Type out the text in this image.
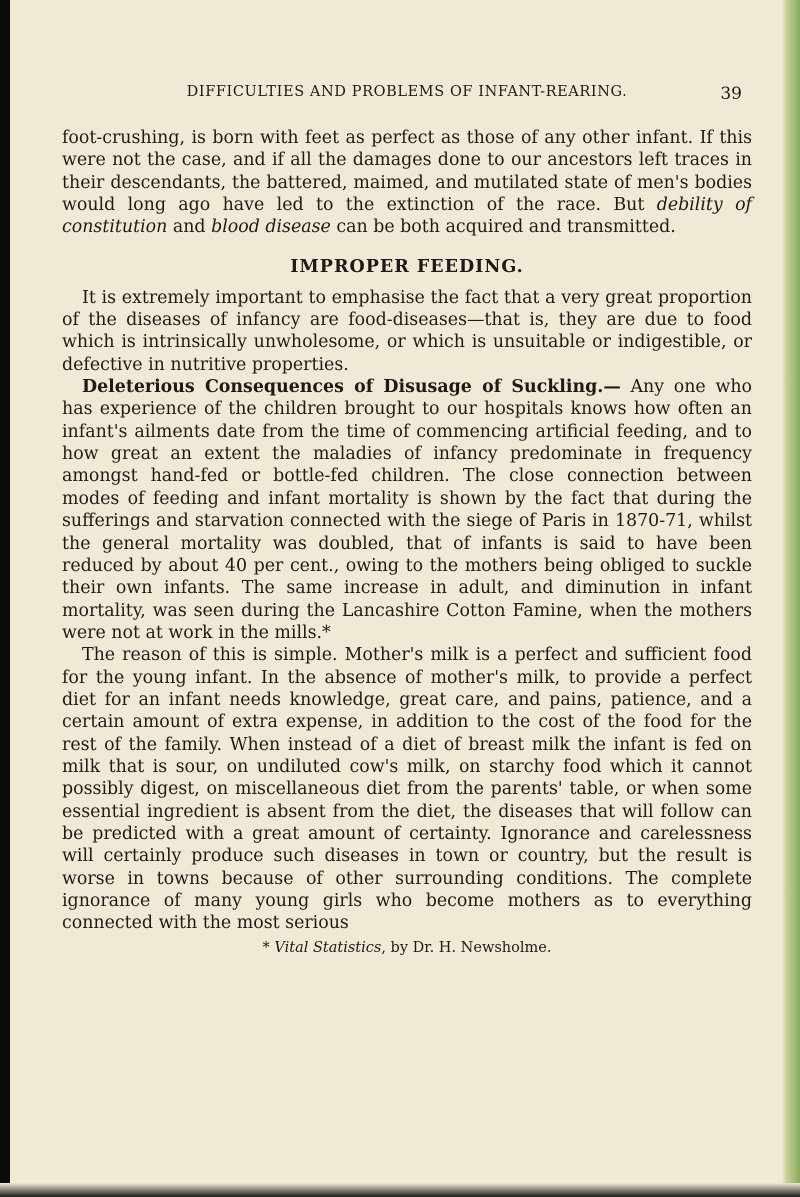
DIFFICULTIES AND PROBLEMS OF INFANT-REARING.	39

foot-crushing, is born with feet as perfect as those of any other infant. If this were not the case, and if all the damages done to our ancestors left traces in their descendants, the battered, maimed, and mutilated state of men's bodies would long ago have led to the extinction of the race. But debility of constitution and blood disease can be both acquired and transmitted.

IMPROPER FEEDING.

It is extremely important to emphasise the fact that a very great proportion of the diseases of infancy are food-diseases—that is, they are due to food which is intrinsically unwholesome, or which is unsuitable or indigestible, or defective in nutritive properties.

Deleterious Consequences of Disusage of Suckling.— Any one who has experience of the children brought to our hospitals knows how often an infant's ailments date from the time of commencing artificial feeding, and to how great an extent the maladies of infancy predominate in frequency amongst hand-fed or bottle-fed children. The close connection between modes of feeding and infant mortality is shown by the fact that during the sufferings and starvation connected with the siege of Paris in 1870-71, whilst the general mortality was doubled, that of infants is said to have been reduced by about 40 per cent., owing to the mothers being obliged to suckle their own infants. The same increase in adult, and diminution in infant mortality, was seen during the Lancashire Cotton Famine, when the mothers were not at work in the mills.*

The reason of this is simple. Mother's milk is a perfect and sufficient food for the young infant. In the absence of mother's milk, to provide a perfect diet for an infant needs knowledge, great care, and pains, patience, and a certain amount of extra expense, in addition to the cost of the food for the rest of the family. When instead of a diet of breast milk the infant is fed on milk that is sour, on undiluted cow's milk, on starchy food which it cannot possibly digest, on miscellaneous diet from the parents' table, or when some essential ingredient is absent from the diet, the diseases that will follow can be predicted with a great amount of certainty. Ignorance and carelessness will certainly produce such diseases in town or country, but the result is worse in towns because of other surrounding conditions. The complete ignorance of many young girls who become mothers as to everything connected with the most serious

* Vital Statistics, by Dr. H. Newsholme.
